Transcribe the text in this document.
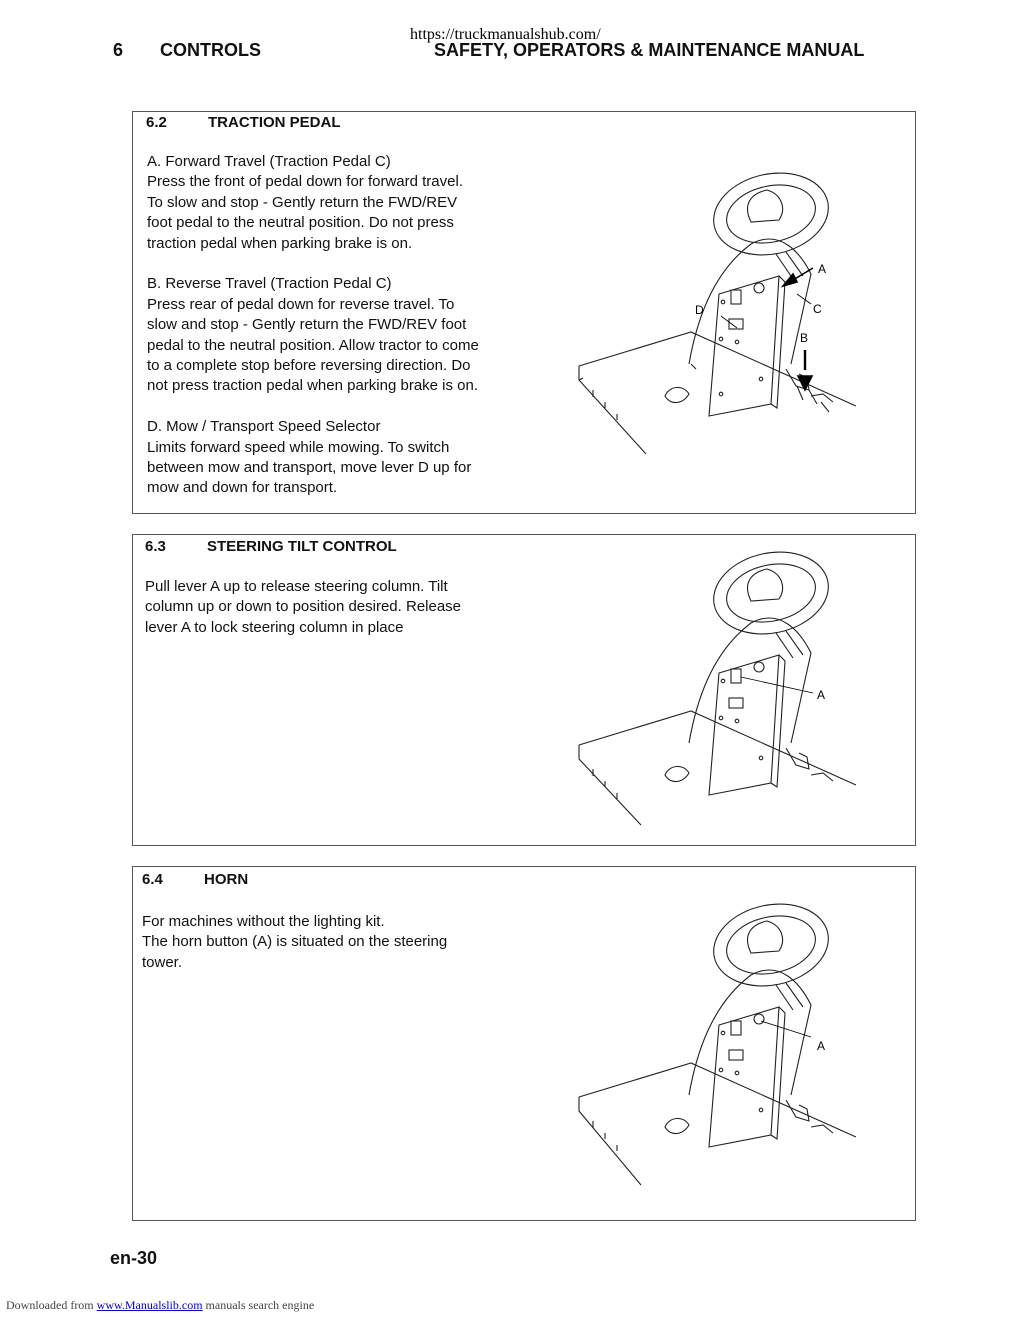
https://truckmanualshub.com/
6 CONTROLS	SAFETY, OPERATORS & MAINTENANCE MANUAL
6.2	TRACTION PEDAL

A. Forward Travel (Traction Pedal C)
Press the front of pedal down for forward travel.
To slow and stop - Gently return the FWD/REV
foot pedal to the neutral position. Do not press
traction pedal when parking brake is on.

B. Reverse Travel (Traction Pedal C)
Press rear of pedal down for reverse travel. To
slow and stop - Gently return the FWD/REV foot
pedal to the neutral position. Allow tractor to come
to a complete stop before reversing direction. Do
not press traction pedal when parking brake is on.

D. Mow / Transport Speed Selector
Limits forward speed while mowing. To switch
between mow and transport, move lever D up for
mow and down for transport.

A
C
B
D
6.3	STEERING TILT CONTROL

Pull lever A up to release steering column. Tilt
column up or down to position desired. Release
lever A to lock steering column in place

A
6.4	HORN

For machines without the lighting kit.
The horn button (A) is situated on the steering
tower.

A
en-30
Downloaded from www.Manualslib.com manuals search engine
